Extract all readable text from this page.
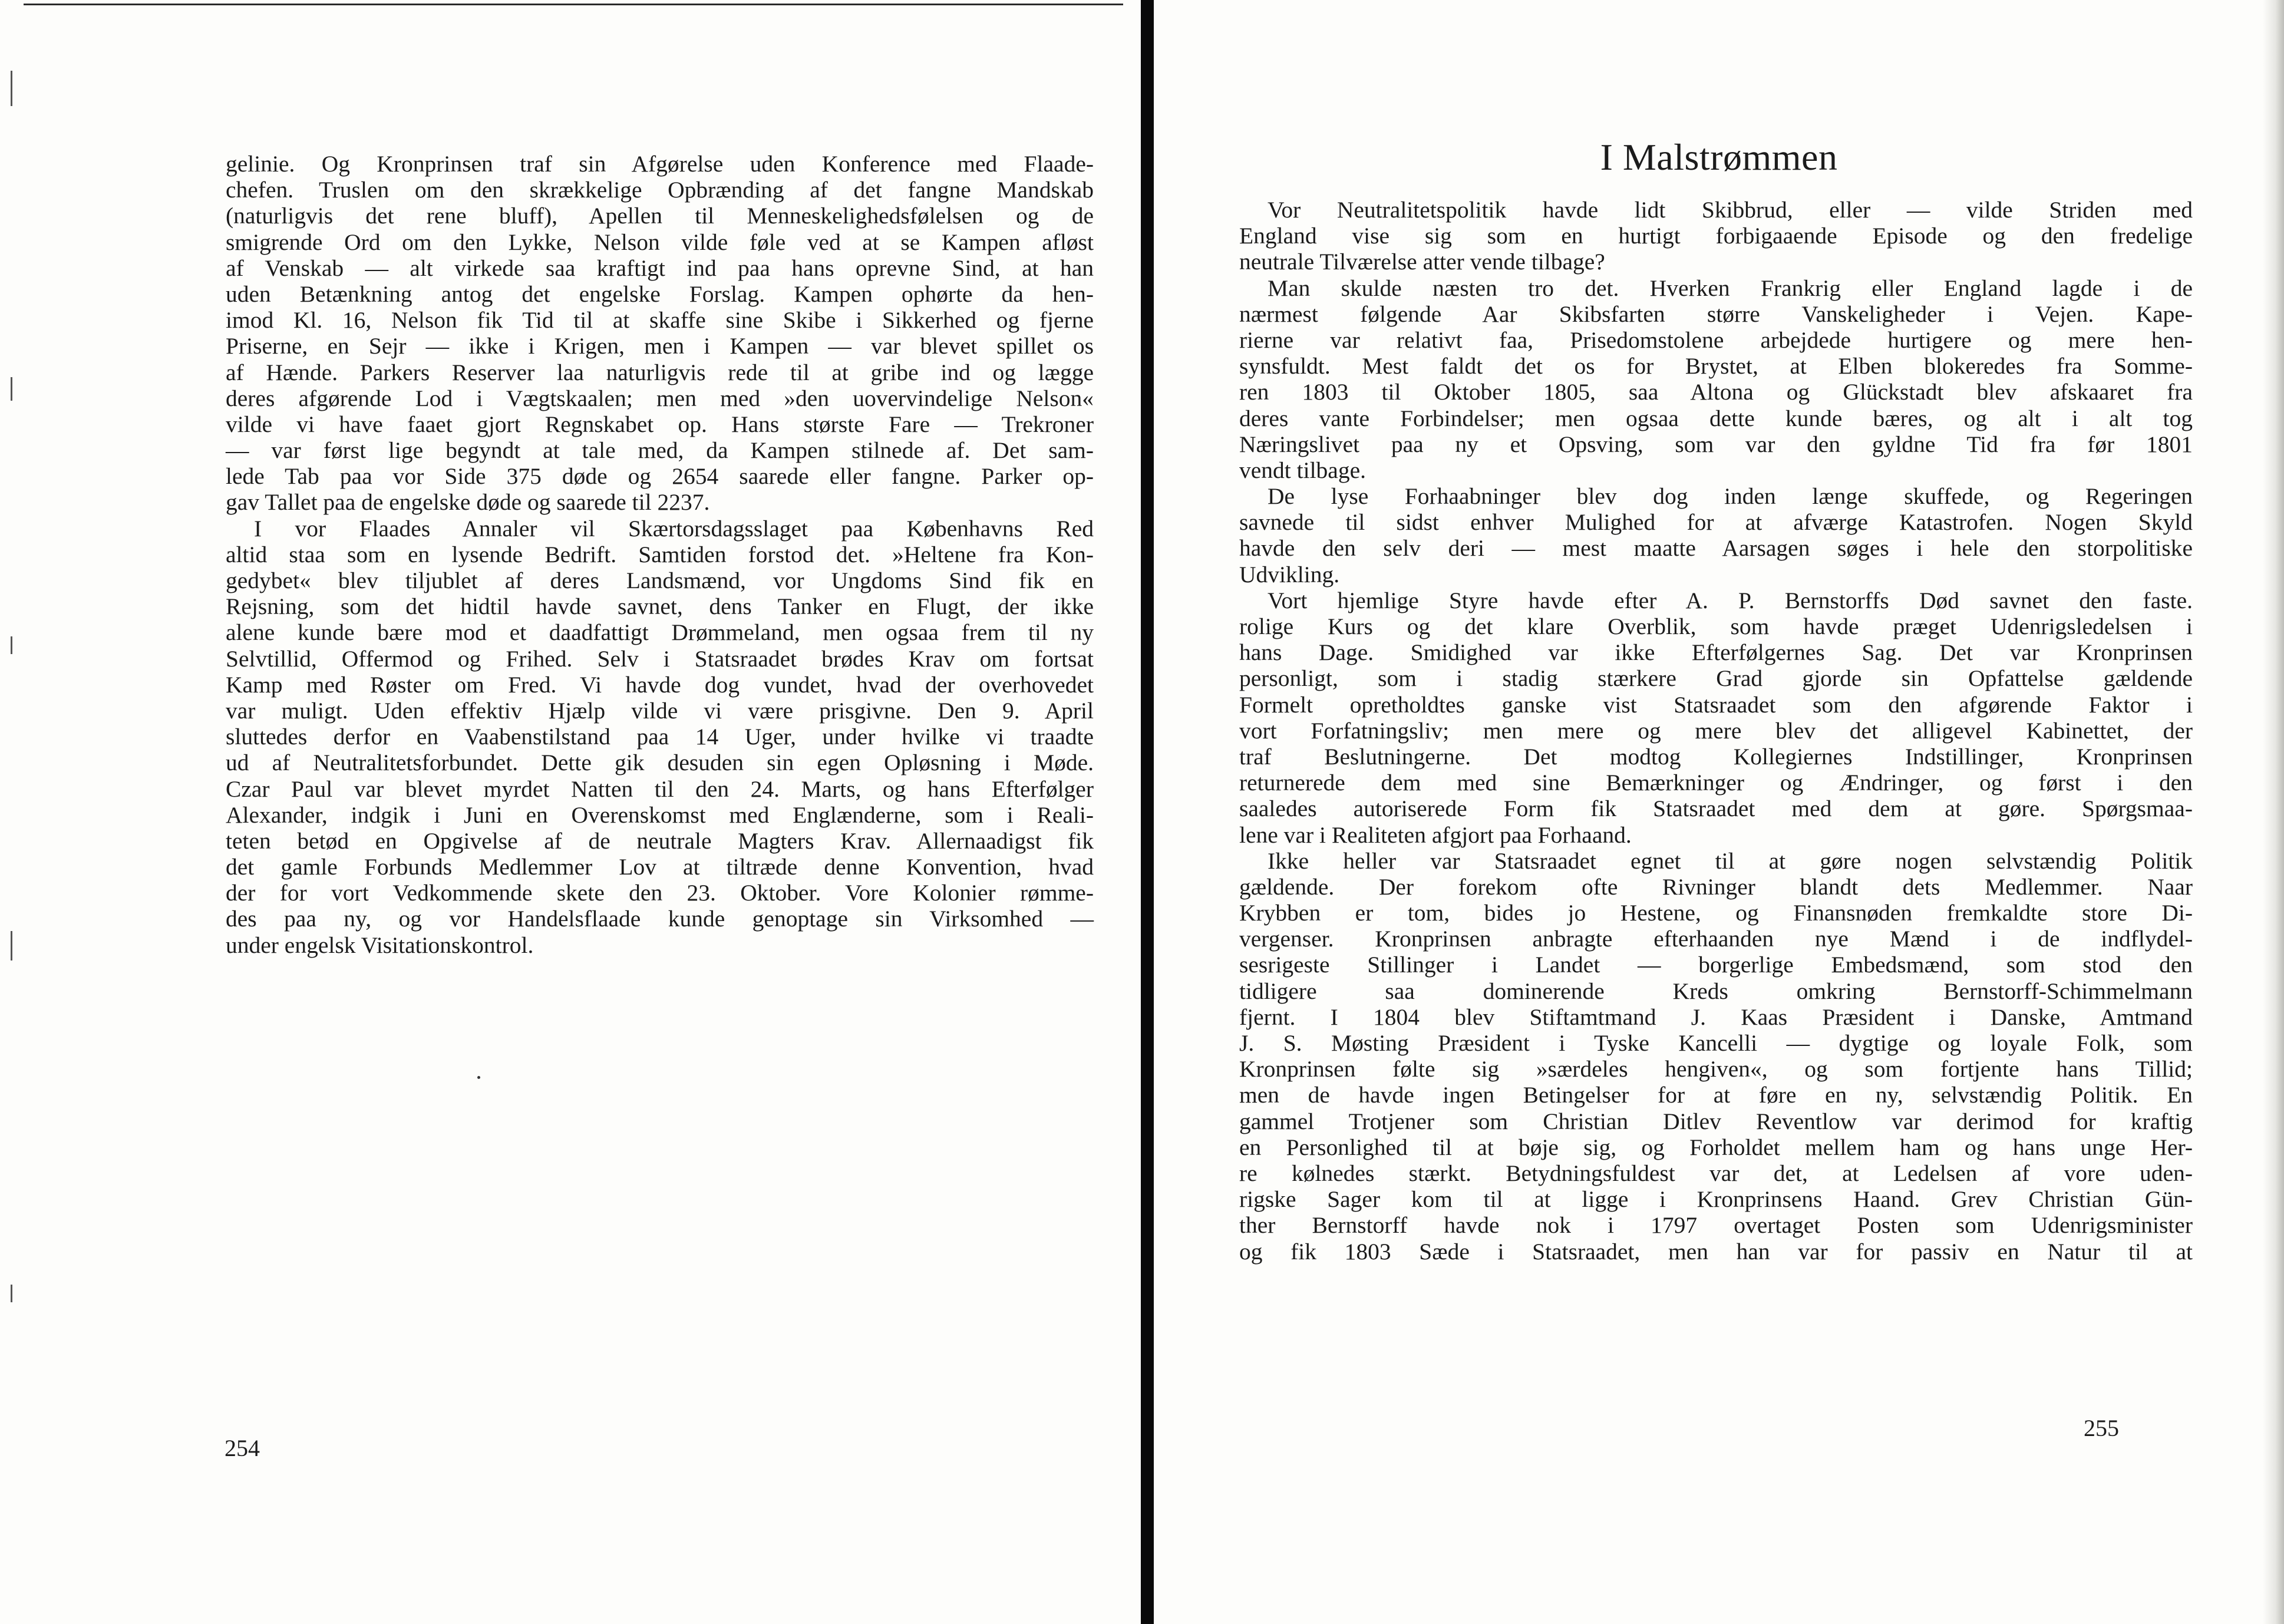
gelinie. Og Kronprinsen traf sin Afgørelse uden Konference med Flaade-
chefen. Truslen om den skrækkelige Opbrænding af det fangne Mandskab
(naturligvis det rene bluff), Apellen til Menneskelighedsfølelsen og de
smigrende Ord om den Lykke, Nelson vilde føle ved at se Kampen afløst
af Venskab — alt virkede saa kraftigt ind paa hans oprevne Sind, at han
uden Betænkning antog det engelske Forslag. Kampen ophørte da hen-
imod Kl. 16, Nelson fik Tid til at skaffe sine Skibe i Sikkerhed og fjerne
Priserne, en Sejr — ikke i Krigen, men i Kampen — var blevet spillet os
af Hænde. Parkers Reserver laa naturligvis rede til at gribe ind og lægge
deres afgørende Lod i Vægtskaalen; men med »den uovervindelige Nelson«
vilde vi have faaet gjort Regnskabet op. Hans største Fare — Trekroner
— var først lige begyndt at tale med, da Kampen stilnede af. Det sam-
lede Tab paa vor Side 375 døde og 2654 saarede eller fangne. Parker op-
gav Tallet paa de engelske døde og saarede til 2237.
I vor Flaades Annaler vil Skærtorsdagsslaget paa Københavns Red
altid staa som en lysende Bedrift. Samtiden forstod det. »Heltene fra Kon-
gedybet« blev tiljublet af deres Landsmænd, vor Ungdoms Sind fik en
Rejsning, som det hidtil havde savnet, dens Tanker en Flugt, der ikke
alene kunde bære mod et daadfattigt Drømmeland, men ogsaa frem til ny
Selvtillid, Offermod og Frihed. Selv i Statsraadet brødes Krav om fortsat
Kamp med Røster om Fred. Vi havde dog vundet, hvad der overhovedet
var muligt. Uden effektiv Hjælp vilde vi være prisgivne. Den 9. April
sluttedes derfor en Vaabenstilstand paa 14 Uger, under hvilke vi traadte
ud af Neutralitetsforbundet. Dette gik desuden sin egen Opløsning i Møde.
Czar Paul var blevet myrdet Natten til den 24. Marts, og hans Efterfølger
Alexander, indgik i Juni en Overenskomst med Englænderne, som i Reali-
teten betød en Opgivelse af de neutrale Magters Krav. Allernaadigst fik
det gamle Forbunds Medlemmer Lov at tiltræde denne Konvention, hvad
der for vort Vedkommende skete den 23. Oktober. Vore Kolonier rømme-
des paa ny, og vor Handelsflaade kunde genoptage sin Virksomhed —
under engelsk Visitationskontrol.
254
I Malstrømmen
Vor Neutralitetspolitik havde lidt Skibbrud, eller — vilde Striden med
England vise sig som en hurtigt forbigaaende Episode og den fredelige
neutrale Tilværelse atter vende tilbage?
Man skulde næsten tro det. Hverken Frankrig eller England lagde i de
nærmest følgende Aar Skibsfarten større Vanskeligheder i Vejen. Kape-
rierne var relativt faa, Prisedomstolene arbejdede hurtigere og mere hen-
synsfuldt. Mest faldt det os for Brystet, at Elben blokeredes fra Somme-
ren 1803 til Oktober 1805, saa Altona og Glückstadt blev afskaaret fra
deres vante Forbindelser; men ogsaa dette kunde bæres, og alt i alt tog
Næringslivet paa ny et Opsving, som var den gyldne Tid fra før 1801
vendt tilbage.
De lyse Forhaabninger blev dog inden længe skuffede, og Regeringen
savnede til sidst enhver Mulighed for at afværge Katastrofen. Nogen Skyld
havde den selv deri — mest maatte Aarsagen søges i hele den storpolitiske
Udvikling.
Vort hjemlige Styre havde efter A. P. Bernstorffs Død savnet den faste.
rolige Kurs og det klare Overblik, som havde præget Udenrigsledelsen i
hans Dage. Smidighed var ikke Efterfølgernes Sag. Det var Kronprinsen
personligt, som i stadig stærkere Grad gjorde sin Opfattelse gældende
Formelt opretholdtes ganske vist Statsraadet som den afgørende Faktor i
vort Forfatningsliv; men mere og mere blev det alligevel Kabinettet, der
traf Beslutningerne. Det modtog Kollegiernes Indstillinger, Kronprinsen
returnerede dem med sine Bemærkninger og Ændringer, og først i den
saaledes autoriserede Form fik Statsraadet med dem at gøre. Spørgsmaa-
lene var i Realiteten afgjort paa Forhaand.
Ikke heller var Statsraadet egnet til at gøre nogen selvstændig Politik
gældende. Der forekom ofte Rivninger blandt dets Medlemmer. Naar
Krybben er tom, bides jo Hestene, og Finansnøden fremkaldte store Di-
vergenser. Kronprinsen anbragte efterhaanden nye Mænd i de indflydel-
sesrigeste Stillinger i Landet — borgerlige Embedsmænd, som stod den
tidligere saa dominerende Kreds omkring Bernstorff-Schimmelmann
fjernt. I 1804 blev Stiftamtmand J. Kaas Præsident i Danske, Amtmand
J. S. Møsting Præsident i Tyske Kancelli — dygtige og loyale Folk, som
Kronprinsen følte sig »særdeles hengiven«, og som fortjente hans Tillid;
men de havde ingen Betingelser for at føre en ny, selvstændig Politik. En
gammel Trotjener som Christian Ditlev Reventlow var derimod for kraftig
en Personlighed til at bøje sig, og Forholdet mellem ham og hans unge Her-
re kølnedes stærkt. Betydningsfuldest var det, at Ledelsen af vore uden-
rigske Sager kom til at ligge i Kronprinsens Haand. Grev Christian Gün-
ther Bernstorff havde nok i 1797 overtaget Posten som Udenrigsminister
og fik 1803 Sæde i Statsraadet, men han var for passiv en Natur til at
255
